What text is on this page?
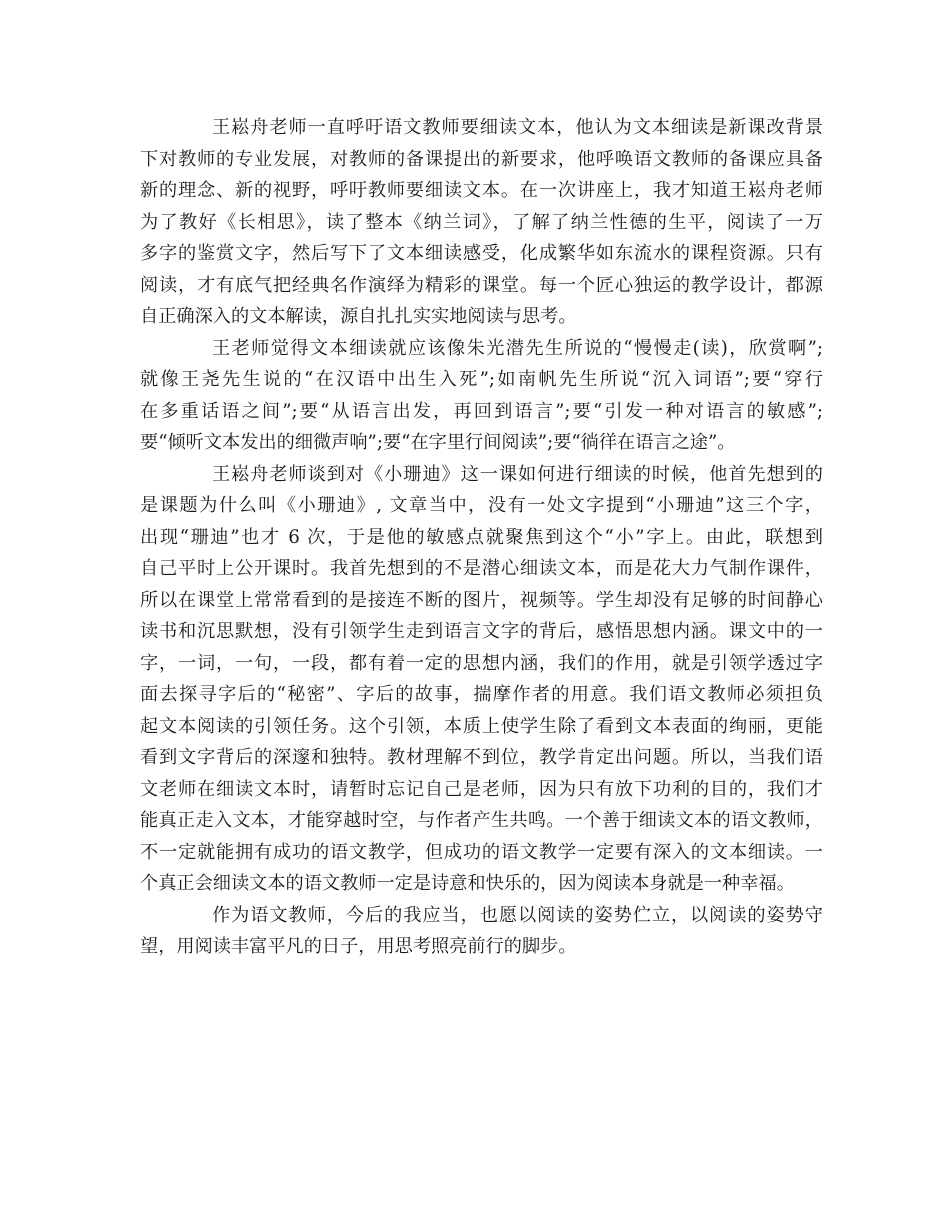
王崧舟老师一直呼吁语文教师要细读文本，他认为文本细读是新课改背景
下对教师的专业发展，对教师的备课提出的新要求，他呼唤语文教师的备课应具备
新的理念、新的视野，呼吁教师要细读文本。在一次讲座上，我才知道王崧舟老师
为了教好《长相思》，读了整本《纳兰词》，了解了纳兰性德的生平，阅读了一万
多字的鉴赏文字，然后写下了文本细读感受，化成繁华如东流水的课程资源。只有
阅读，才有底气把经典名作演绎为精彩的课堂。每一个匠心独运的教学设计，都源
自正确深入的文本解读，源自扎扎实实地阅读与思考。
王老师觉得文本细读就应该像朱光潜先生所说的“慢慢走(读)，欣赏啊”;
就像王尧先生说的“在汉语中出生入死”;如南帆先生所说“沉入词语”;要“穿行
在多重话语之间”;要“从语言出发，再回到语言”;要“引发一种对语言的敏感”;
要“倾听文本发出的细微声响”;要“在字里行间阅读”;要“徜徉在语言之途”。
王崧舟老师谈到对《小珊迪》这一课如何进行细读的时候，他首先想到的
是课题为什么叫《小珊迪》, 文章当中，没有一处文字提到“小珊迪”这三个字，
出现“珊迪”也才 6 次，于是他的敏感点就聚焦到这个“小”字上。由此，联想到
自己平时上公开课时。我首先想到的不是潜心细读文本，而是花大力气制作课件，
所以在课堂上常常看到的是接连不断的图片，视频等。学生却没有足够的时间静心
读书和沉思默想，没有引领学生走到语言文字的背后，感悟思想内涵。课文中的一
字，一词，一句，一段，都有着一定的思想内涵，我们的作用，就是引领学透过字
面去探寻字后的“秘密”、字后的故事，揣摩作者的用意。我们语文教师必须担负
起文本阅读的引领任务。这个引领，本质上使学生除了看到文本表面的绚丽，更能
看到文字背后的深邃和独特。教材理解不到位，教学肯定出问题。所以，当我们语
文老师在细读文本时，请暂时忘记自己是老师，因为只有放下功利的目的，我们才
能真正走入文本，才能穿越时空，与作者产生共鸣。一个善于细读文本的语文教师，
不一定就能拥有成功的语文教学，但成功的语文教学一定要有深入的文本细读。一
个真正会细读文本的语文教师一定是诗意和快乐的，因为阅读本身就是一种幸福。
作为语文教师，今后的我应当，也愿以阅读的姿势伫立，以阅读的姿势守
望，用阅读丰富平凡的日子，用思考照亮前行的脚步。
